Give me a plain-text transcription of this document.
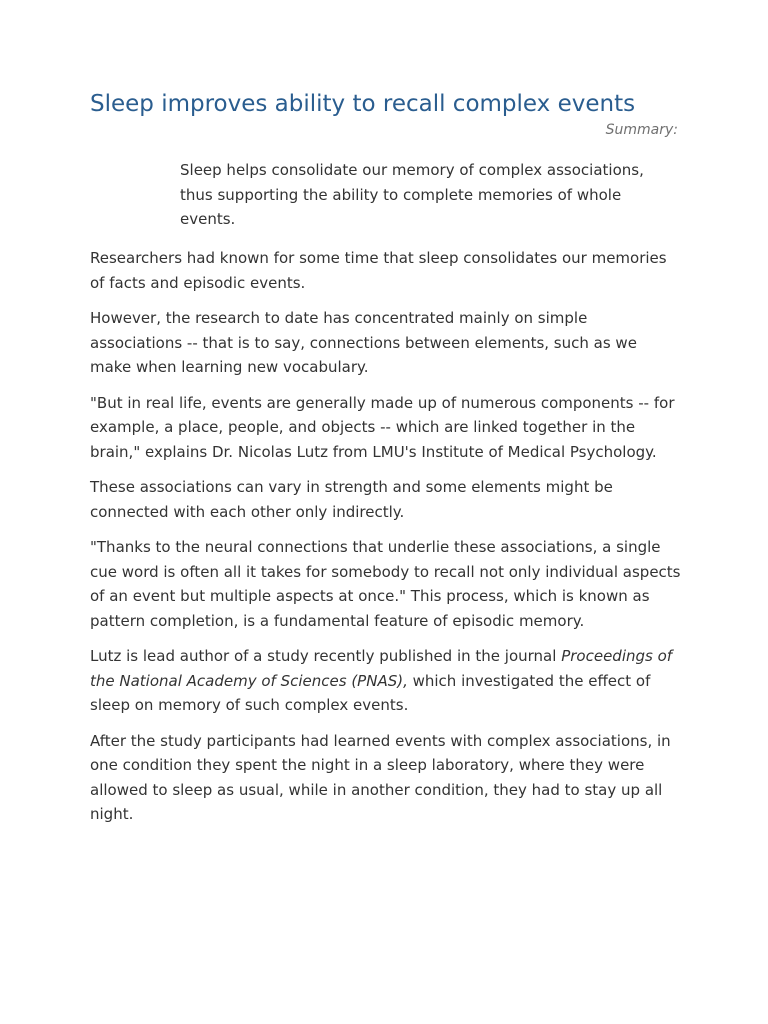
Sleep improves ability to recall complex events
Summary:

Sleep helps consolidate our memory of complex associations, thus supporting the ability to complete memories of whole events.

Researchers had known for some time that sleep consolidates our memories of facts and episodic events.

However, the research to date has concentrated mainly on simple associations -- that is to say, connections between elements, such as we make when learning new vocabulary.

"But in real life, events are generally made up of numerous components -- for example, a place, people, and objects -- which are linked together in the brain," explains Dr. Nicolas Lutz from LMU's Institute of Medical Psychology.

These associations can vary in strength and some elements might be connected with each other only indirectly.

"Thanks to the neural connections that underlie these associations, a single cue word is often all it takes for somebody to recall not only individual aspects of an event but multiple aspects at once." This process, which is known as pattern completion, is a fundamental feature of episodic memory.

Lutz is lead author of a study recently published in the journal Proceedings of the National Academy of Sciences (PNAS), which investigated the effect of sleep on memory of such complex events.

After the study participants had learned events with complex associations, in one condition they spent the night in a sleep laboratory, where they were allowed to sleep as usual, while in another condition, they had to stay up all night.
